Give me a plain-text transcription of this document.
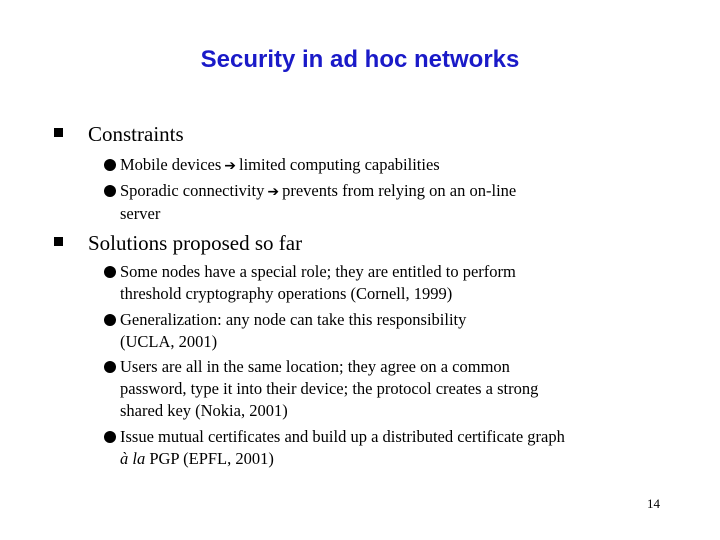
Security in ad hoc networks
Constraints
Mobile devices ➔ limited computing capabilities
Sporadic connectivity ➔ prevents from relying on an on-line
server
Solutions proposed so far
Some nodes have a special role; they are entitled to perform
threshold cryptography operations (Cornell, 1999)
Generalization: any node can take this responsibility
(UCLA, 2001)
Users are all in the same location; they agree on a common
password, type it into their device; the protocol creates a strong
shared key (Nokia, 2001)
Issue mutual certificates and build up a distributed certificate graph
à la PGP (EPFL, 2001)
14
